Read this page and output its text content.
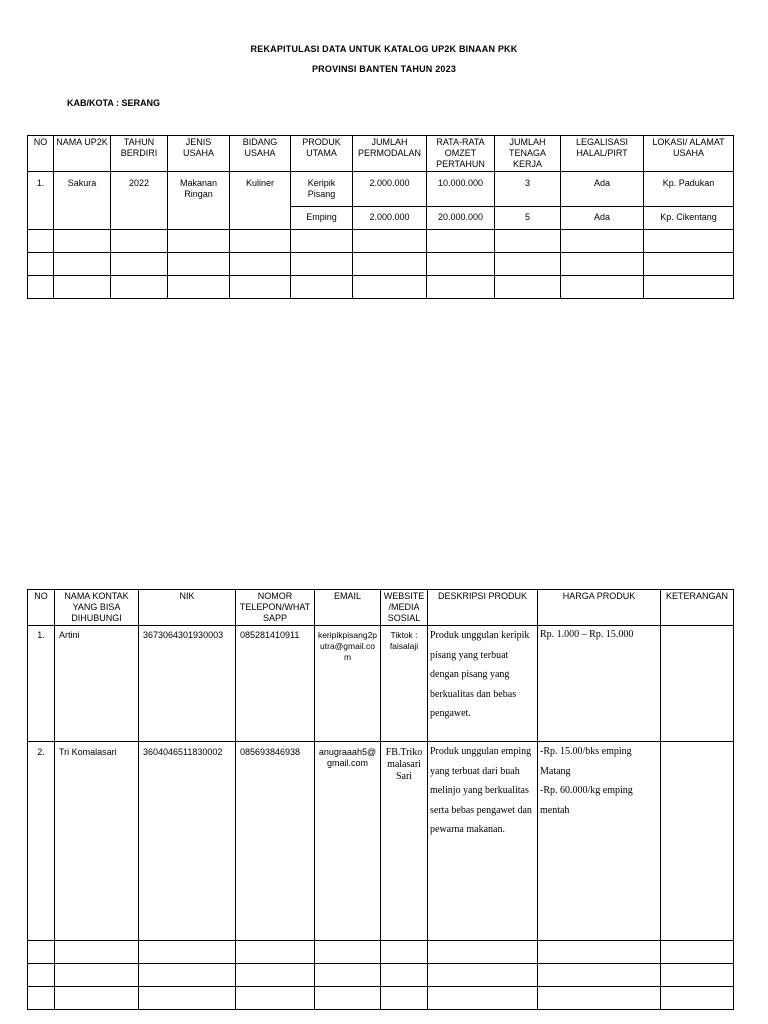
REKAPITULASI DATA UNTUK KATALOG UP2K BINAAN PKK
PROVINSI BANTEN TAHUN 2023
KAB/KOTA : SERANG
NO	NAMA UP2K	TAHUN BERDIRI	JENIS USAHA	BIDANG USAHA	PRODUK UTAMA	JUMLAH PERMODALAN	RATA-RATA OMZET PERTAHUN	JUMLAH TENAGA KERJA	LEGALISASI HALAL/PIRT	LOKASI/ ALAMAT USAHA
1.	Sakura	2022	Makanan Ringan	Kuliner	Keripik Pisang	2.000.000	10.000.000	3	Ada	Kp. Padukan
					Emping	2.000.000	20.000.000	5	Ada	Kp. Cikentang

NO	NAMA KONTAK YANG BISA DIHUBUNGI	NIK	NOMOR TELEPON/WHATSAPP	EMAIL	WEBSITE /MEDIA SOSIAL	DESKRIPSI PRODUK	HARGA PRODUK	KETERANGAN
1.	Artini	3673064301930003	085281410911	keripikpisang2putra@gmail.com	Tiktok : faisalaji	Produk unggulan keripik pisang yang terbuat dengan pisang yang berkualitas dan bebas pengawet.	Rp. 1.000 – Rp. 15.000	

2.	Tri Komalasari	3604046511830002	085693846938	anugraaah5@gmail.com	FB.Triko malasari Sari	Produk unggulan emping yang terbuat dari buah melinjo yang berkualitas serta bebas pengawet dan pewarna makanan.	-Rp. 15.00/bks emping Matang
-Rp. 60.000/kg emping mentah	
